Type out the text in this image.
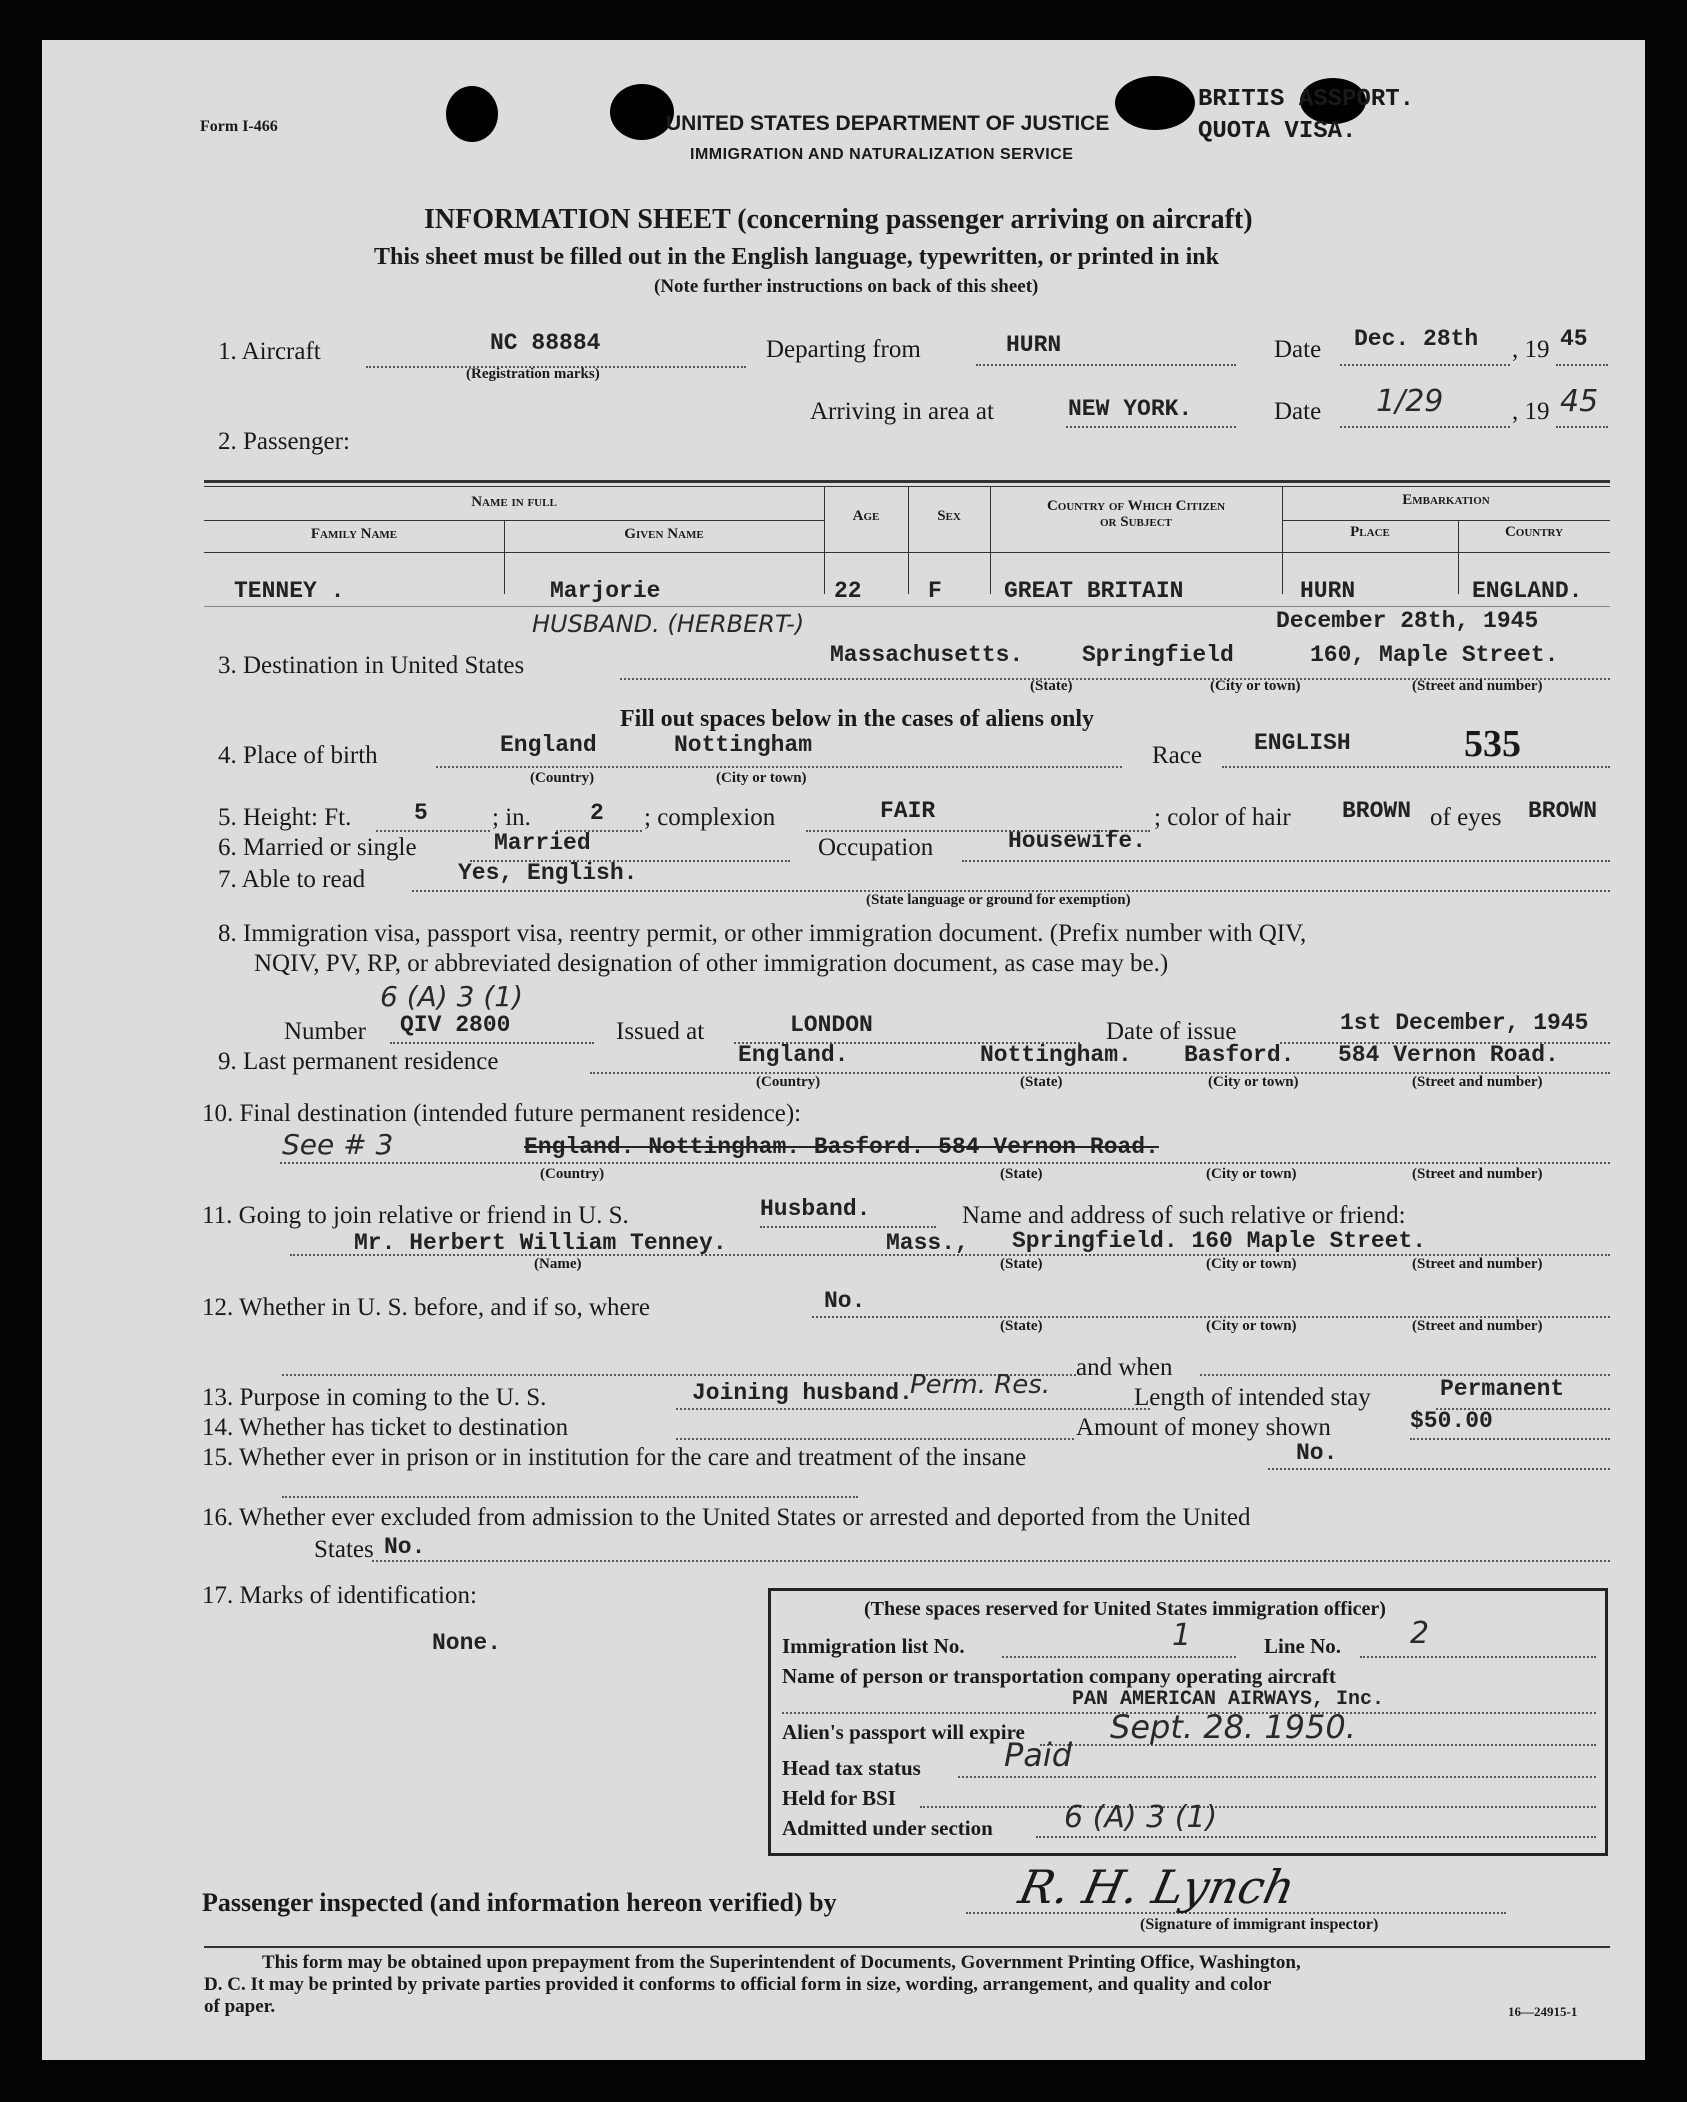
Form I-466	UNITED STATES DEPARTMENT OF JUSTICE
IMMIGRATION AND NATURALIZATION SERVICE
BRITIS ASSPORT.
QUOTA VISA.
INFORMATION SHEET (concerning passenger arriving on aircraft)
This sheet must be filled out in the English language, typewritten, or printed in ink
(Note further instructions on back of this sheet)
1. Aircraft	NC 88884
(Registration marks)
Departing from	HURN	Date Dec. 28th , 19 45
Arriving in area at	NEW YORK.	Date 1/29	, 19 45
2. Passenger:
Name in full
Family Name	Given Name
Age	Sex
Country of Which Citizen
or Subject
Embarkation
Place	Country
TENNEY .	Marjorie	22	F	GREAT BRITAIN	HURN	ENGLAND.
HUSBAND. (HERBERT-)	December 28th, 1945
3. Destination in United States	Massachusetts.	Springfield	160, Maple Street.
(State)	(City or town)	(Street and number)
Fill out spaces below in the cases of aliens only
4. Place of birth	England	Nottingham
(Country)	(City or town)
Race ENGLISH	535
5. Height: Ft.	5	; in.	2 ; complexion	FAIR	; color of hair BROWN of eyes BROWN
6. Married or single	Married	Occupation	Housewife.
7. Able to read	Yes, English.
(State language or ground for exemption)
8. Immigration visa, passport visa, reentry permit, or other immigration document. (Prefix number with QIV,
NQIV, PV, RP, or abbreviated designation of other immigration document, as case may be.)
6 (A) 3 (1)
Number QIV 2800	Issued at	LONDON	Date of issue	1st December, 1945
9. Last permanent residence	England.	Nottingham. Basford. 584 Vernon Road.
(Country)	(State)	(City or town)	(Street and number)
10. Final destination (intended future permanent residence):
See # 3	England. Nottingham. Basford. 584 Vernon Road.
(Country)	(State)	(City or town)	(Street and number)
11. Going to join relative or friend in U. S.	Husband.	Name and address of such relative or friend:
Mr. Herbert William Tenney.	Mass., Springfield. 160 Maple Street.
(Name)	(State)	(City or town)	(Street and number)
12. Whether in U. S. before, and if so, where	No.
(State)	(City or town)	(Street and number)
and when
13. Purpose in coming to the U. S.	Joining husband.
Perm. Res.	Length of intended stay	Permanent
14. Whether has ticket to destination	Amount of money shown	$50.00
15. Whether ever in prison or in institution for the care and treatment of the insane	No.
16. Whether ever excluded from admission to the United States or arrested and deported from the United
States No.
17. Marks of identification:
None.
(These spaces reserved for United States immigration officer)
Immigration list No.	1	Line No. 2
Name of person or transportation company operating aircraft
PAN AMERICAN AIRWAYS, Inc.
Alien's passport will expire	Sept. 28. 1950.
Head tax status	Paid
Held for BSI
Admitted under section 6 (A) 3 (1)
Passenger inspected (and information hereon verified) by	R. H. Lynch
(Signature of immigrant inspector)
This form may be obtained upon prepayment from the Superintendent of Documents, Government Printing Office, Washington,
D. C. It may be printed by private parties provided it conforms to official form in size, wording, arrangement, and quality and color
of paper.	16—24915-1
